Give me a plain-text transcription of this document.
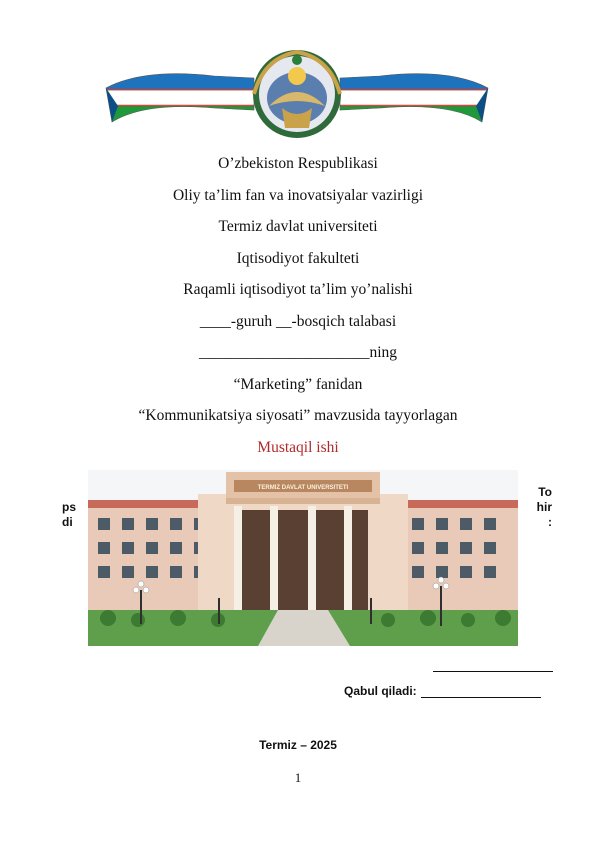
O’zbekiston Respublikasi
Oliy ta’lim fan va inovatsiyalar vazirligi
Termiz davlat universiteti
Iqtisodiyot fakulteti
Raqamli iqtisodiyot ta’lim yo’nalishi
____-guruh __-bosqich talabasi
______________________ning
“Marketing” fanidan
“Kommunikatsiya siyosati” mavzusida tayyorlagan
Mustaqil ishi
ps
di
To
hir
:
TERMIZ DAVLAT UNIVERSITETI
Qabul qiladi:
Termiz – 2025
1
